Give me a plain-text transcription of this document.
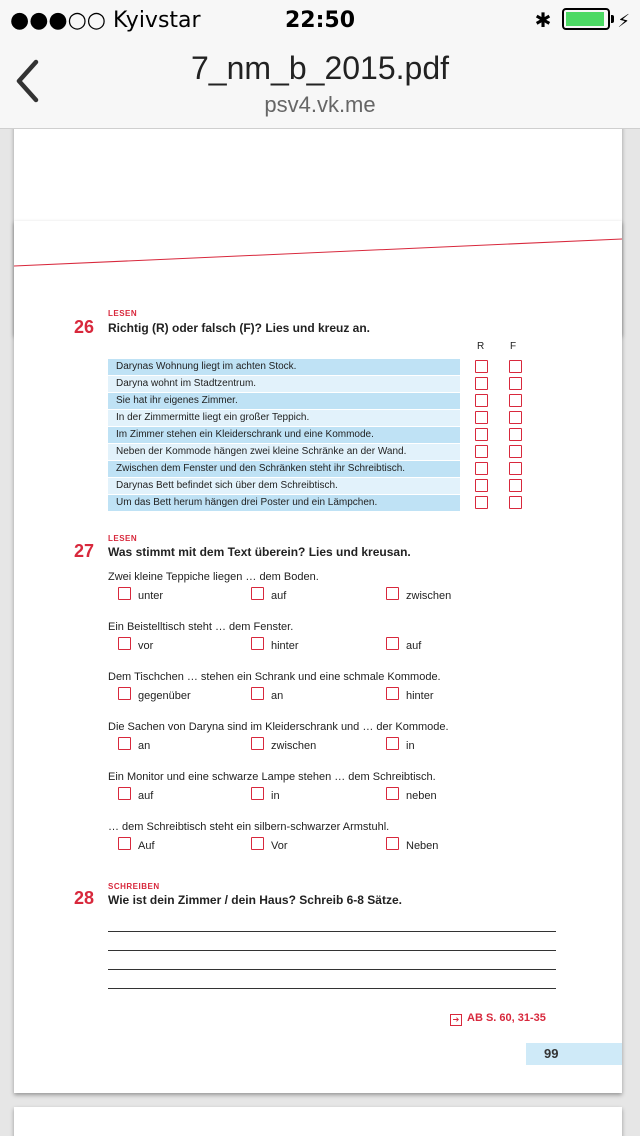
●●●○○ Kyivstar	22:50	✱	⚡
7_nm_b_2015.pdf
psv4.vk.me
LESEN
26 Richtig (R) oder falsch (F)? Lies und kreuz an.
R	F
Darynas Wohnung liegt im achten Stock.
Daryna wohnt im Stadtzentrum.
Sie hat ihr eigenes Zimmer.
In der Zimmermitte liegt ein großer Teppich.
Im Zimmer stehen ein Kleiderschrank und eine Kommode.
Neben der Kommode hängen zwei kleine Schränke an der Wand.
Zwischen dem Fenster und den Schränken steht ihr Schreibtisch.
Darynas Bett befindet sich über dem Schreibtisch.
Um das Bett herum hängen drei Poster und ein Lämpchen.
LESEN
27 Was stimmt mit dem Text überein? Lies und kreusan.
Zwei kleine Teppiche liegen … dem Boden.
unter	auf	zwischen
Ein Beistelltisch steht … dem Fenster.
vor	hinter	auf
Dem Tischchen … stehen ein Schrank und eine schmale Kommode.
gegenüber	an	hinter
Die Sachen von Daryna sind im Kleiderschrank und … der Kommode.
an	zwischen	in
Ein Monitor und eine schwarze Lampe stehen … dem Schreibtisch.
auf	in	neben
… dem Schreibtisch steht ein silbern-schwarzer Armstuhl.
Auf	Vor	Neben
SCHREIBEN
28 Wie ist dein Zimmer / dein Haus? Schreib 6-8 Sätze.
➔ AB S. 60, 31-35
99
